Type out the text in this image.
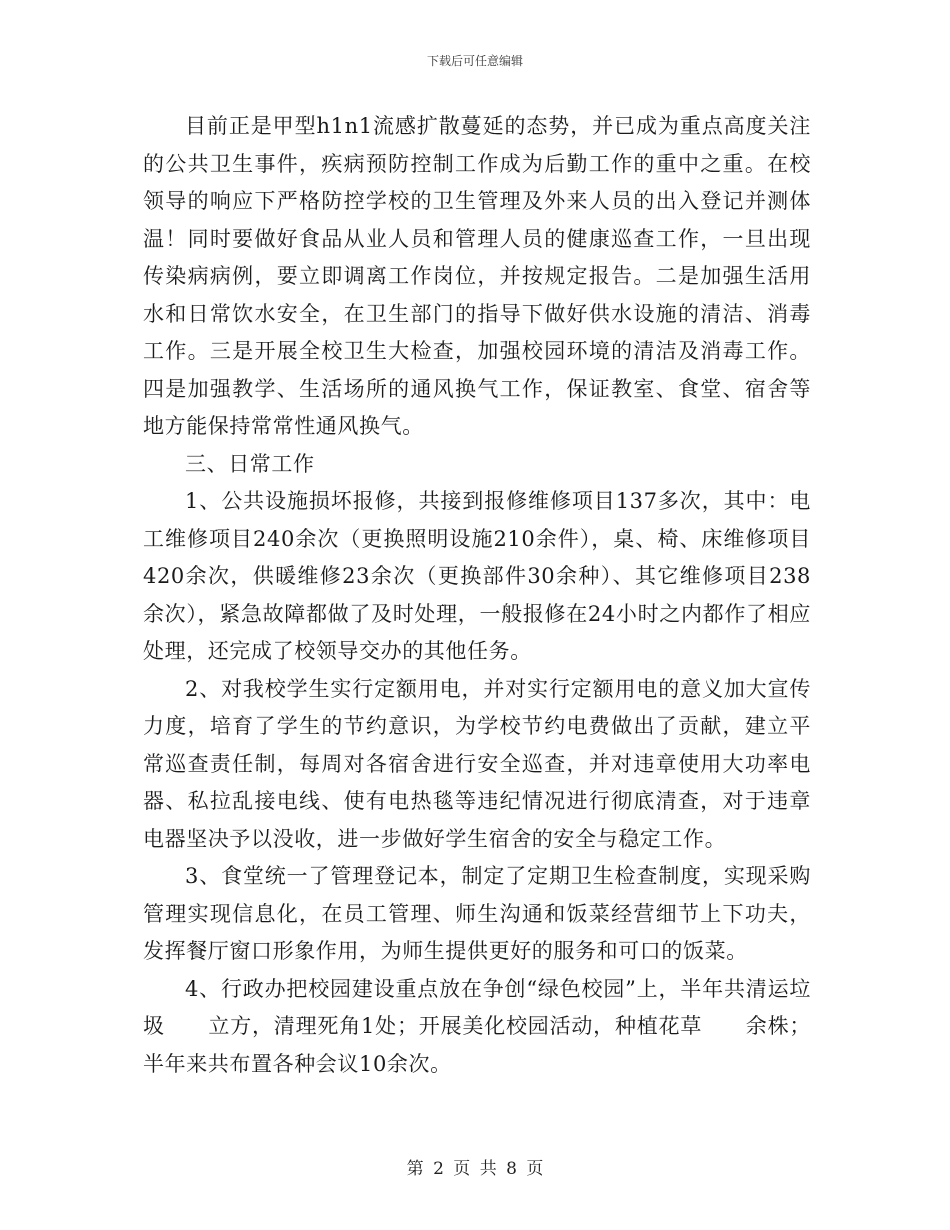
下载后可任意编辑

目前正是甲型h1n1流感扩散蔓延的态势，并已成为重点高度关注的公共卫生事件，疾病预防控制工作成为后勤工作的重中之重。在校领导的响应下严格防控学校的卫生管理及外来人员的出入登记并测体温！同时要做好食品从业人员和管理人员的健康巡查工作，一旦出现传染病病例，要立即调离工作岗位，并按规定报告。二是加强生活用水和日常饮水安全，在卫生部门的指导下做好供水设施的清洁、消毒工作。三是开展全校卫生大检查，加强校园环境的清洁及消毒工作。四是加强教学、生活场所的通风换气工作，保证教室、食堂、宿舍等地方能保持常常性通风换气。

三、日常工作

1、公共设施损坏报修，共接到报修维修项目137多次，其中：电工维修项目240余次（更换照明设施210余件），桌、椅、床维修项目420余次，供暖维修23余次（更换部件30余种）、其它维修项目238余次），紧急故障都做了及时处理，一般报修在24小时之内都作了相应处理，还完成了校领导交办的其他任务。

2、对我校学生实行定额用电，并对实行定额用电的意义加大宣传力度，培育了学生的节约意识，为学校节约电费做出了贡献，建立平常巡查责任制，每周对各宿舍进行安全巡查，并对违章使用大功率电器、私拉乱接电线、使有电热毯等违纪情况进行彻底清查，对于违章电器坚决予以没收，进一步做好学生宿舍的安全与稳定工作。

3、食堂统一了管理登记本，制定了定期卫生检查制度，实现采购管理实现信息化，在员工管理、师生沟通和饭菜经营细节上下功夫，发挥餐厅窗口形象作用，为师生提供更好的服务和可口的饭菜。

4、行政办把校园建设重点放在争创“绿色校园”上，半年共清运垃圾　　立方，清理死角1处；开展美化校园活动，种植花草　　余株；半年来共布置各种会议10余次。

第 2 页 共 8 页
